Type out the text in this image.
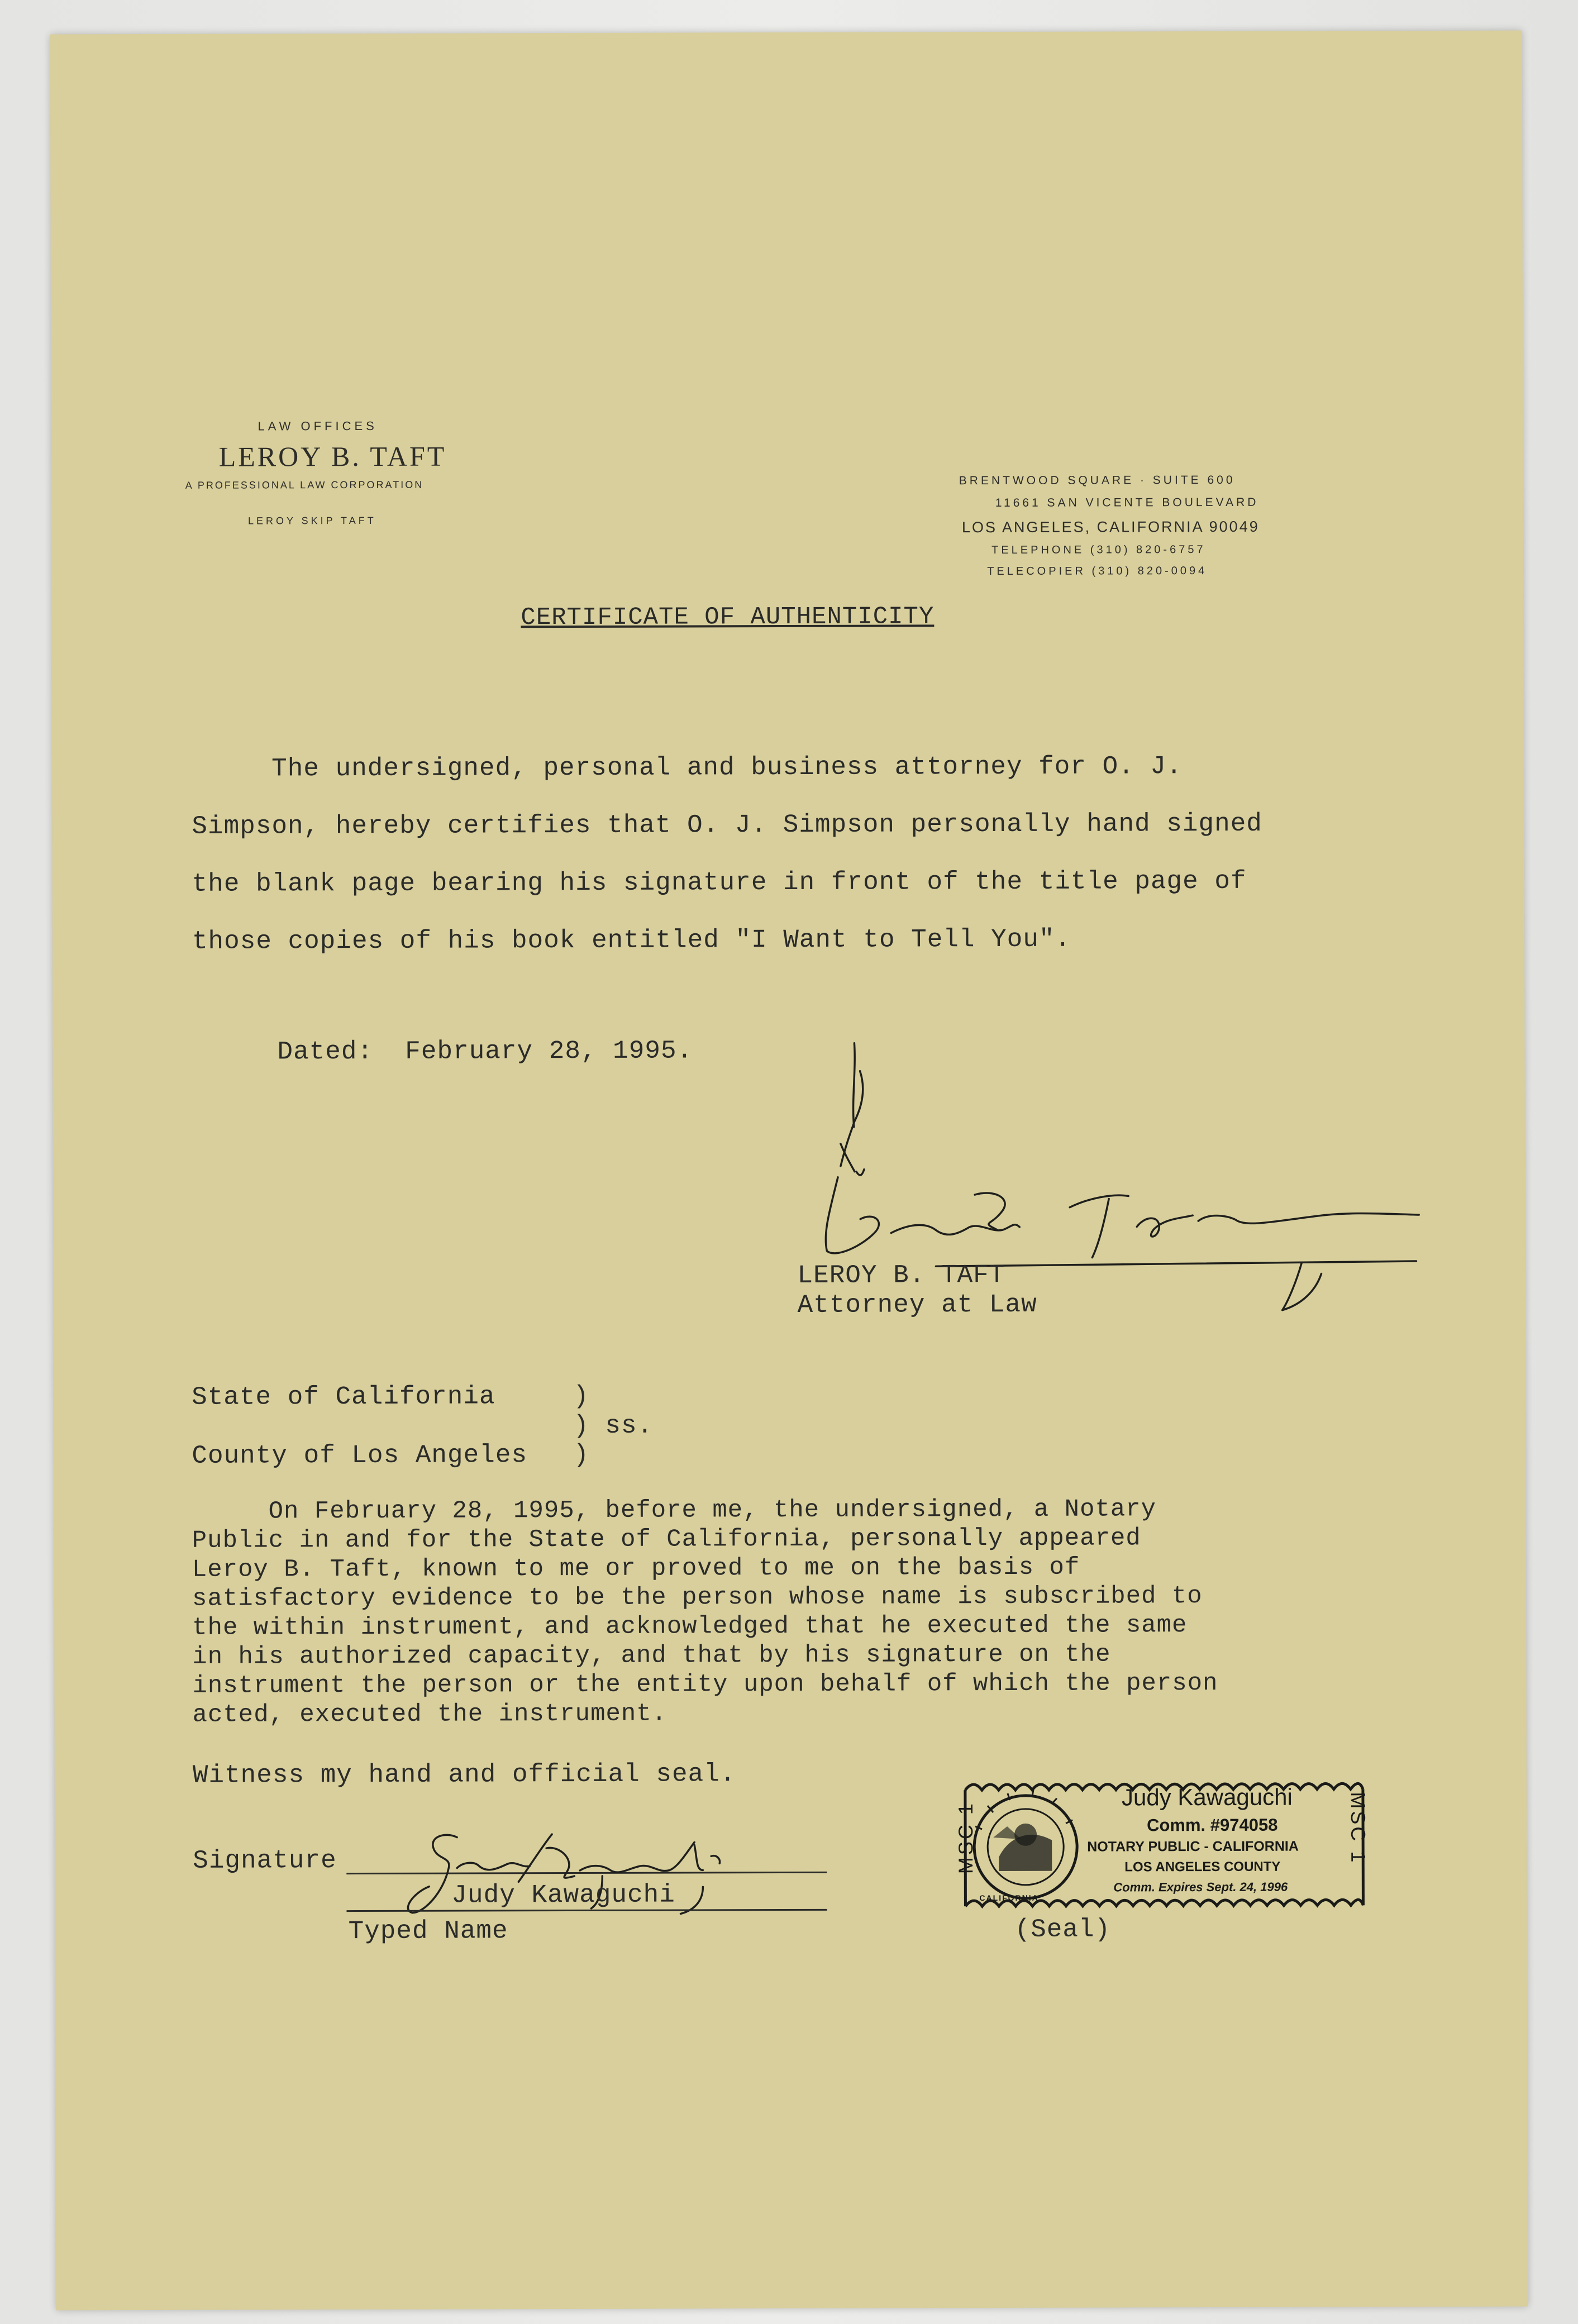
LAW OFFICES
LEROY B. TAFT
A PROFESSIONAL LAW CORPORATION
LEROY SKIP TAFT
BRENTWOOD SQUARE · SUITE 600
11661 SAN VICENTE BOULEVARD
LOS ANGELES, CALIFORNIA 90049
TELEPHONE (310) 820-6757
TELECOPIER (310) 820-0094
CERTIFICATE OF AUTHENTICITY
The undersigned, personal and business attorney for O. J.
Simpson, hereby certifies that O. J. Simpson personally hand signed
the blank page bearing his signature in front of the title page of
those copies of his book entitled "I Want to Tell You".
Dated:  February 28, 1995.
LEROY B. TAFT
Attorney at Law
State of California	)
) ss.
County of Los Angeles )
On February 28, 1995, before me, the undersigned, a Notary
Public in and for the State of California, personally appeared
Leroy B. Taft, known to me or proved to me on the basis of
satisfactory evidence to be the person whose name is subscribed to
the within instrument, and acknowledged that he executed the same
in his authorized capacity, and that by his signature on the
instrument the person or the entity upon behalf of which the person
acted, executed the instrument.
Witness my hand and official seal.
Signature
Judy Kawaguchi
Typed Name	(Seal)
CALIFORNIA
MSC 1	MSC 1
Judy Kawaguchi
Comm. #974058
NOTARY PUBLIC - CALIFORNIA
LOS ANGELES COUNTY
Comm. Expires Sept. 24, 1996
